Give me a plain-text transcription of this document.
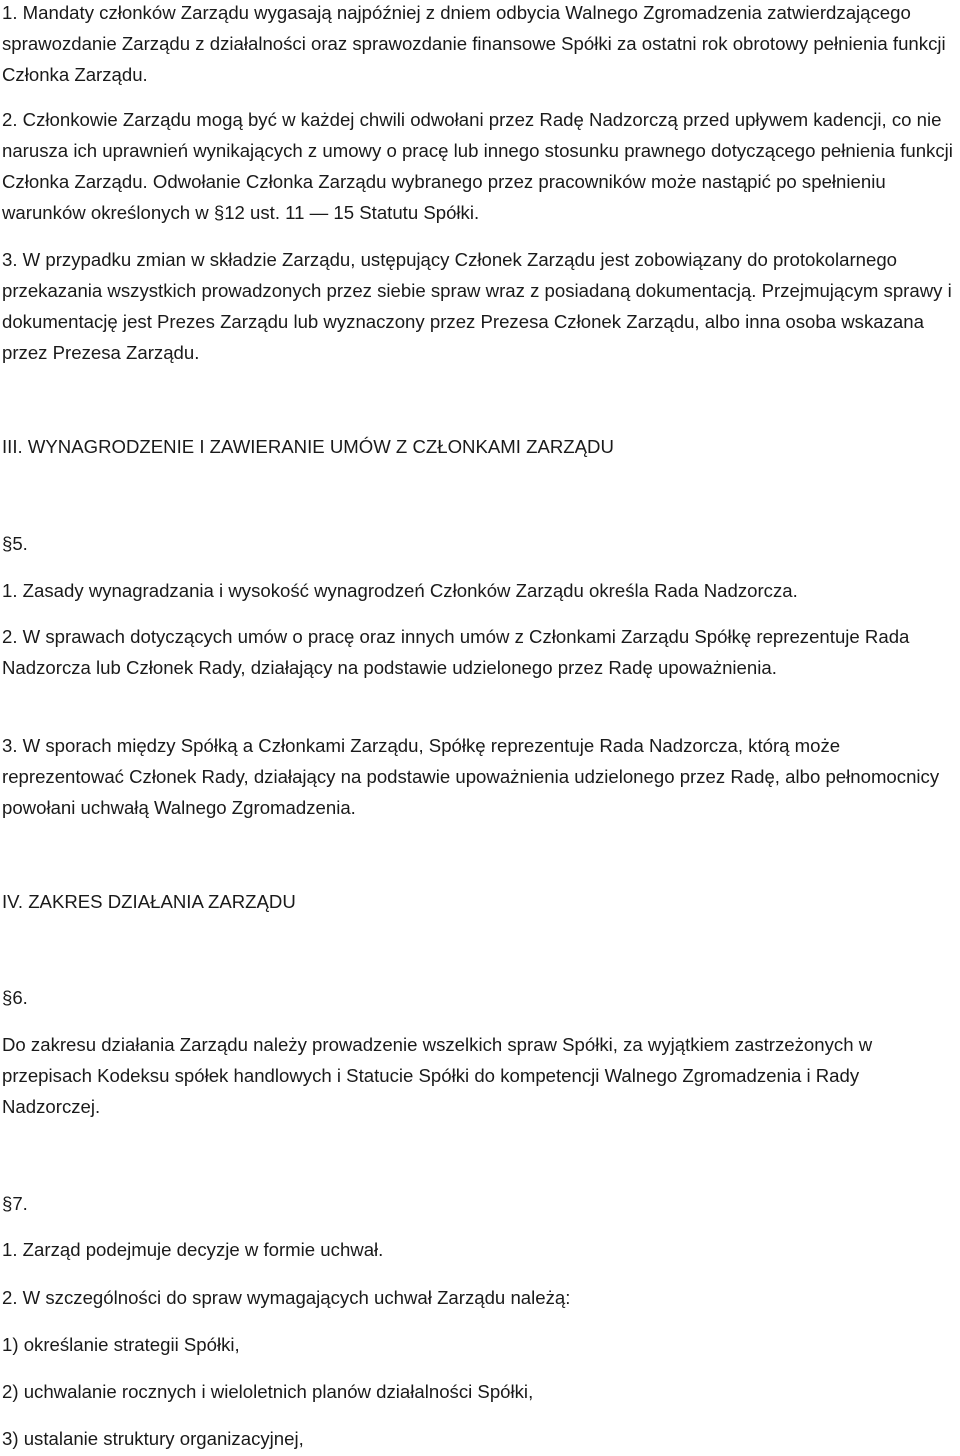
1. Mandaty członków Zarządu wygasają najpóźniej z dniem odbycia Walnego Zgromadzenia zatwierdzającego sprawozdanie Zarządu z działalności oraz sprawozdanie finansowe Spółki za ostatni rok obrotowy pełnienia funkcji Członka Zarządu.

2. Członkowie Zarządu mogą być w każdej chwili odwołani przez Radę Nadzorczą przed upływem kadencji, co nie narusza ich uprawnień wynikających z umowy o pracę lub innego stosunku prawnego dotyczącego pełnienia funkcji Członka Zarządu. Odwołanie Członka Zarządu wybranego przez pracowników może nastąpić po spełnieniu warunków określonych w §12 ust. 11 — 15 Statutu Spółki.

3. W przypadku zmian w składzie Zarządu, ustępujący Członek Zarządu jest zobowiązany do protokolarnego przekazania wszystkich prowadzonych przez siebie spraw wraz z posiadaną dokumentacją. Przejmującym sprawy i dokumentację jest Prezes Zarządu lub wyznaczony przez Prezesa Członek Zarządu, albo inna osoba wskazana przez Prezesa Zarządu.

III. WYNAGRODZENIE I ZAWIERANIE UMÓW Z CZŁONKAMI ZARZĄDU

§5.

1. Zasady wynagradzania i wysokość wynagrodzeń Członków Zarządu określa Rada Nadzorcza.

2. W sprawach dotyczących umów o pracę oraz innych umów z Członkami Zarządu Spółkę reprezentuje Rada Nadzorcza lub Członek Rady, działający na podstawie udzielonego przez Radę upoważnienia.

3. W sporach między Spółką a Członkami Zarządu, Spółkę reprezentuje Rada Nadzorcza, którą może reprezentować Członek Rady, działający na podstawie upoważnienia udzielonego przez Radę, albo pełnomocnicy powołani uchwałą Walnego Zgromadzenia.

IV. ZAKRES DZIAŁANIA ZARZĄDU

§6.

Do zakresu działania Zarządu należy prowadzenie wszelkich spraw Spółki, za wyjątkiem zastrzeżonych w przepisach Kodeksu spółek handlowych i Statucie Spółki do kompetencji Walnego Zgromadzenia i Rady Nadzorczej.

§7.

1. Zarząd podejmuje decyzje w formie uchwał.

2. W szczególności do spraw wymagających uchwał Zarządu należą:

1) określanie strategii Spółki,

2) uchwalanie rocznych i wieloletnich planów działalności Spółki,

3) ustalanie struktury organizacyjnej,
